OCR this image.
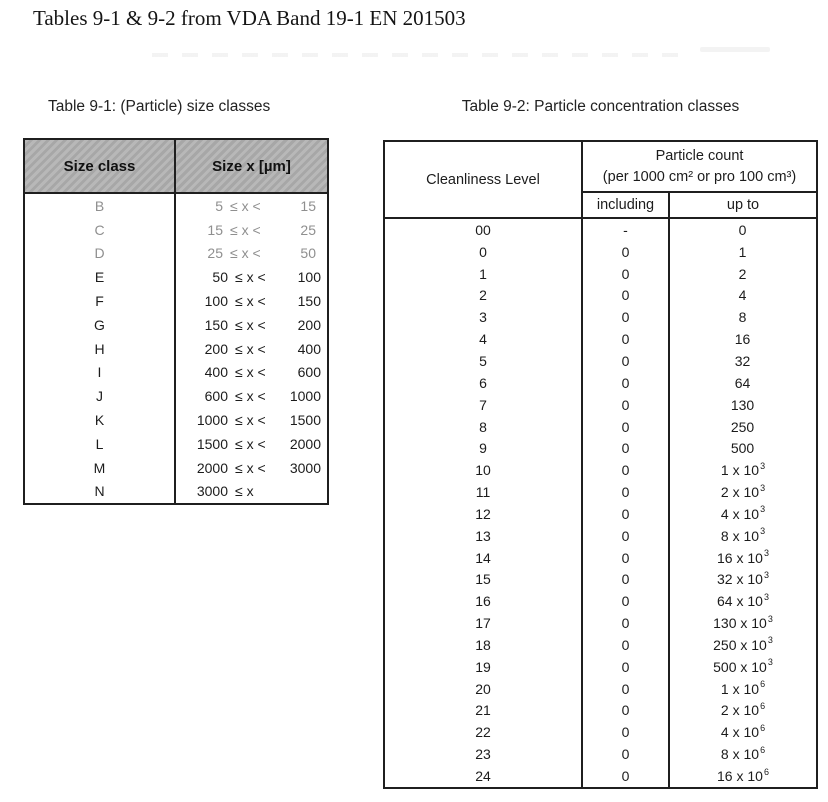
Tables 9-1 & 9-2 from VDA Band 19-1 EN 201503
Table 9-1: (Particle) size classes	Table 9-2: Particle concentration classes
Size class	Size x [µm]
B	5 ≤ x <	15
C	15 ≤ x <	25
D	25 ≤ x <	50
E	50 ≤ x <	100
F	100 ≤ x <	150
G	150 ≤ x <	200
H	200 ≤ x <	400
I	400 ≤ x <	600
J	600 ≤ x <	1000
K	1000 ≤ x <	1500
L	1500 ≤ x <	2000
M	2000 ≤ x <	3000
N	3000 ≤ x
Cleanliness Level
Particle count
(per 1000 cm² or pro 100 cm³)
including	up to
00	-	0
0	0	1
1	0	2
2	0	4
3	0	8
4	0	16
5	0	32
6	0	64
7	0	130
8	0	250
9	0	500
10	0	1 x $10^3$
11	0	2 x $10^3$
12	0	4 x $10^3$
13	0	8 x $10^3$
14	0	16 x $10^3$
15	0	32 x $10^3$
16	0	64 x $10^3$
17	0	130 x $10^3$
18	0	250 x $10^3$
19	0	500 x $10^3$
20	0	1 x $10^6$
21	0	2 x $10^6$
22	0	4 x $10^6$
23	0	8 x $10^6$
24	0	16 x $10^6$
